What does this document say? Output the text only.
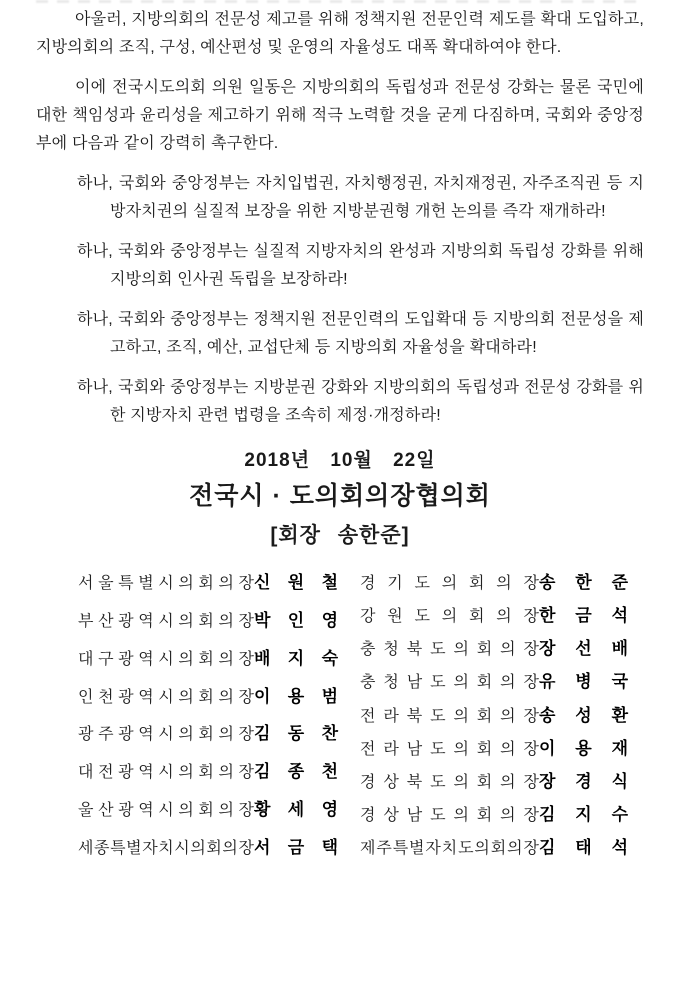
아울러, 지방의회의 전문성 제고를 위해 정책지원 전문인력 제도를 확대 도입하고, 지방의회의 조직, 구성, 예산편성 및 운영의 자율성도 대폭 확대하여야 한다.

이에 전국시도의회 의원 일동은 지방의회의 독립성과 전문성 강화는 물론 국민에 대한 책임성과 윤리성을 제고하기 위해 적극 노력할 것을 굳게 다짐하며, 국회와 중앙정부에 다음과 같이 강력히 촉구한다.

하나, 국회와 중앙정부는 자치입법권, 자치행정권, 자치재정권, 자주조직권 등 지방자치권의 실질적 보장을 위한 지방분권형 개헌 논의를 즉각 재개하라!

하나, 국회와 중앙정부는 실질적 지방자치의 완성과 지방의회 독립성 강화를 위해 지방의회 인사권 독립을 보장하라!

하나, 국회와 중앙정부는 정책지원 전문인력의 도입확대 등 지방의회 전문성을 제고하고, 조직, 예산, 교섭단체 등 지방의회 자율성을 확대하라!

하나, 국회와 중앙정부는 지방분권 강화와 지방의회의 독립성과 전문성 강화를 위한 지방자치 관련 법령을 조속히 제정·개정하라!

2018년 10월 22일
전국시 · 도의회의장협의회
[회장 송한준]
서 울 특 별 시 의 회 의 장 신 원 철
부 산 광 역 시 의 회 의 장 박 인 영
대 구 광 역 시 의 회 의 장 배 지 숙
인 천 광 역 시 의 회 의 장 이 용 범
광 주 광 역 시 의 회 의 장 김 동 찬
대 전 광 역 시 의 회 의 장 김 종 천
울 산 광 역 시 의 회 의 장 황 세 영
세 종 특 별 자 치 시 의 회 의 장 서 금 택
경 기 도 의 회 의 장 송 한 준
강 원 도 의 회 의 장 한 금 석
충 청 북 도 의 회 의 장 장 선 배
충 청 남 도 의 회 의 장 유 병 국
전 라 북 도 의 회 의 장 송 성 환
전 라 남 도 의 회 의 장 이 용 재
경 상 북 도 의 회 의 장 장 경 식
경 상 남 도 의 회 의 장 김 지 수
제 주 특 별 자 치 도 의 회 의 장 김 태 석
